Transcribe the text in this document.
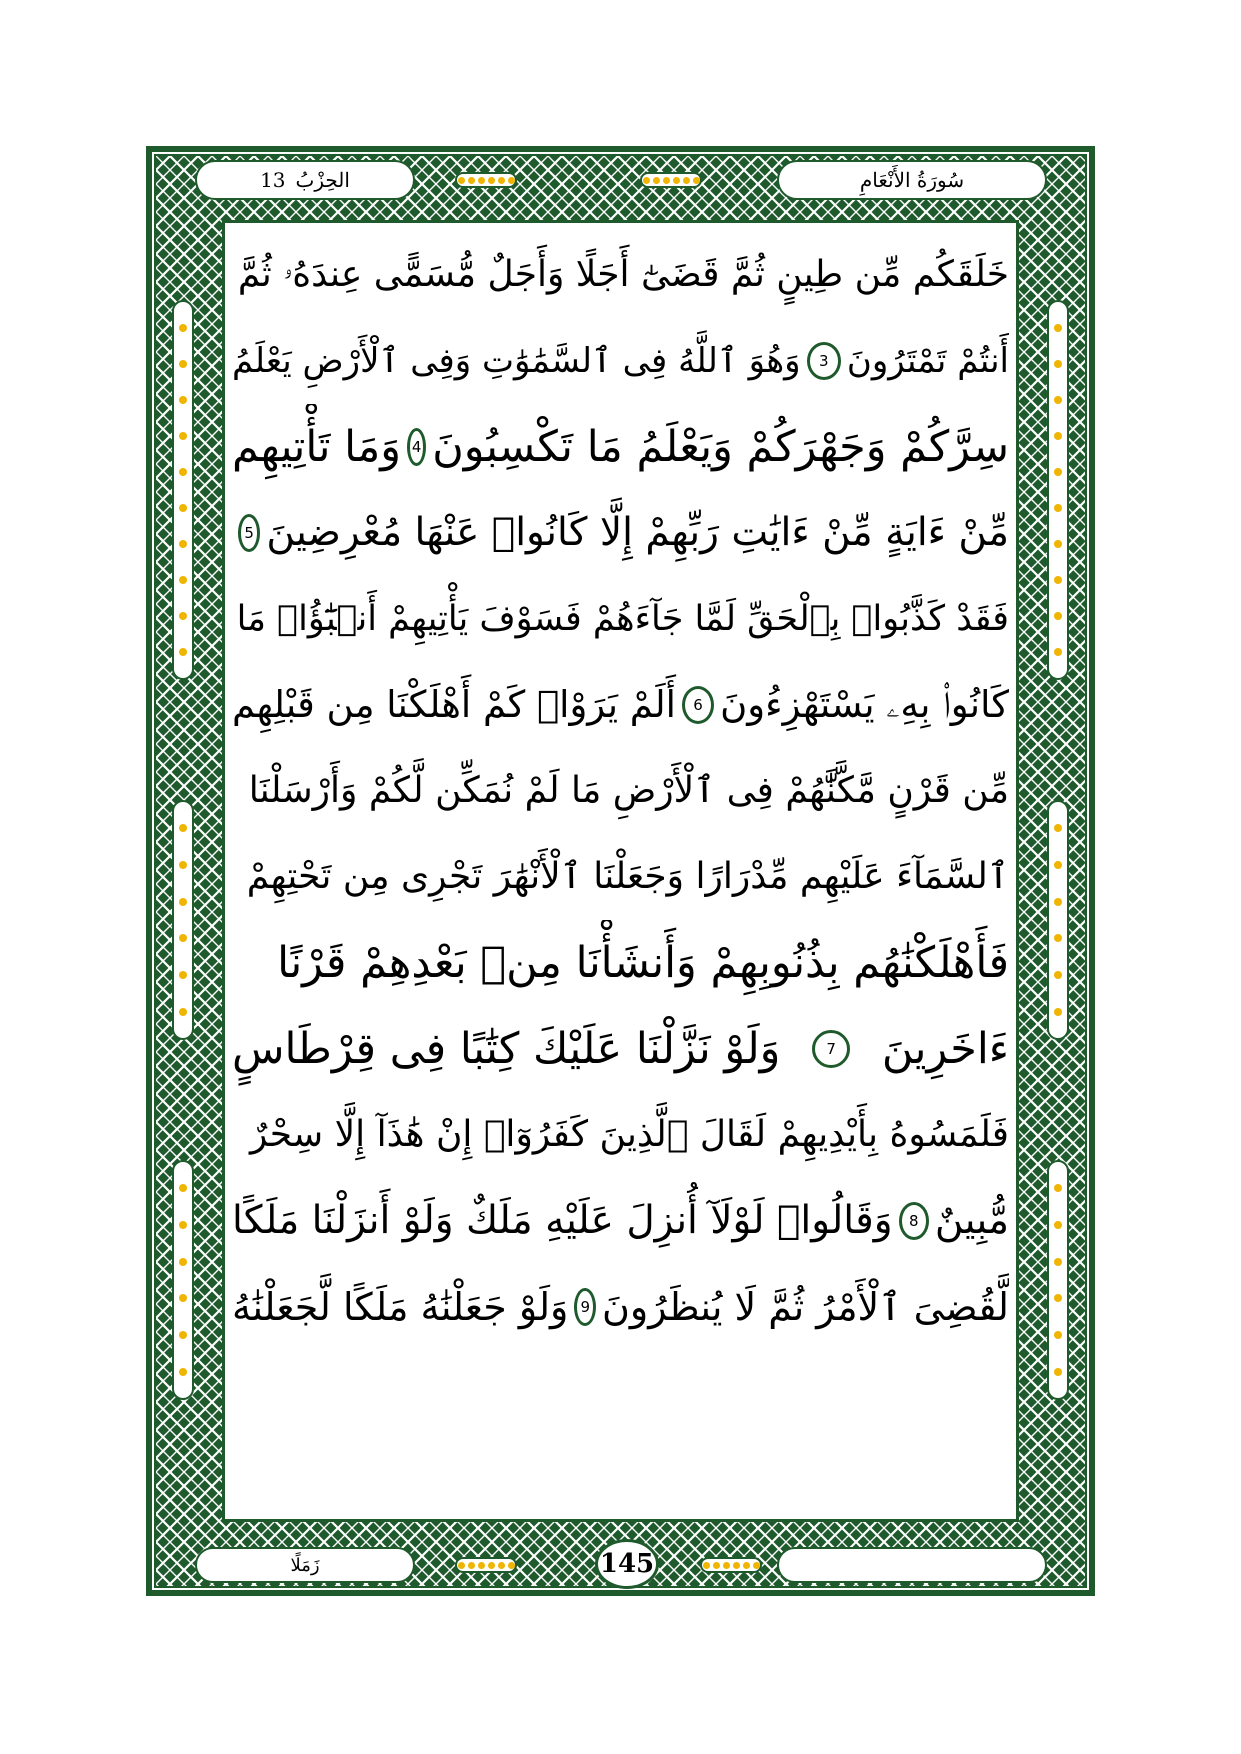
سُورَةُ الأَنْعَامِ
الحِزْبُ
13
خَلَقَكُم مِّن طِينٍ ثُمَّ قَضَىٰٓ أَجَلًا وَأَجَلٌ مُّسَمًّى عِندَهُۥ ثُمَّ
أَنتُمْ تَمْتَرُونَ
3
وَهُوَ ٱللَّهُ فِى ٱلسَّمَٰوَٰتِ وَفِى ٱلْأَرْضِ يَعْلَمُ
سِرَّكُمْ وَجَهْرَكُمْ وَيَعْلَمُ مَا تَكْسِبُونَ
4
وَمَا تَأْتِيهِم
مِّنْ ءَايَةٍ مِّنْ ءَايَٰتِ رَبِّهِمْ إِلَّا كَانُوا۟ عَنْهَا مُعْرِضِينَ
5
فَقَدْ كَذَّبُوا۟ بِٱلْحَقِّ لَمَّا جَآءَهُمْ فَسَوْفَ يَأْتِيهِمْ أَنۢبَٰٓؤُا۟ مَا
كَانُوا۟ بِهِۦ يَسْتَهْزِءُونَ
6
أَلَمْ يَرَوْا۟ كَمْ أَهْلَكْنَا مِن قَبْلِهِم
مِّن قَرْنٍ مَّكَّنَّٰهُمْ فِى ٱلْأَرْضِ مَا لَمْ نُمَكِّن لَّكُمْ وَأَرْسَلْنَا
ٱلسَّمَآءَ عَلَيْهِم مِّدْرَارًا وَجَعَلْنَا ٱلْأَنْهَٰرَ تَجْرِى مِن تَحْتِهِمْ
فَأَهْلَكْنَٰهُم بِذُنُوبِهِمْ وَأَنشَأْنَا مِنۢ بَعْدِهِمْ قَرْنًا
ءَاخَرِينَ
7
وَلَوْ نَزَّلْنَا عَلَيْكَ كِتَٰبًا فِى قِرْطَاسٍ
فَلَمَسُوهُ بِأَيْدِيهِمْ لَقَالَ ٱلَّذِينَ كَفَرُوٓا۟ إِنْ هَٰذَآ إِلَّا سِحْرٌ
مُّبِينٌ
8
وَقَالُوا۟ لَوْلَآ أُنزِلَ عَلَيْهِ مَلَكٌ وَلَوْ أَنزَلْنَا مَلَكًا
لَّقُضِىَ ٱلْأَمْرُ ثُمَّ لَا يُنظَرُونَ
9
وَلَوْ جَعَلْنَٰهُ مَلَكًا لَّجَعَلْنَٰهُ
زَمَلًا	145
